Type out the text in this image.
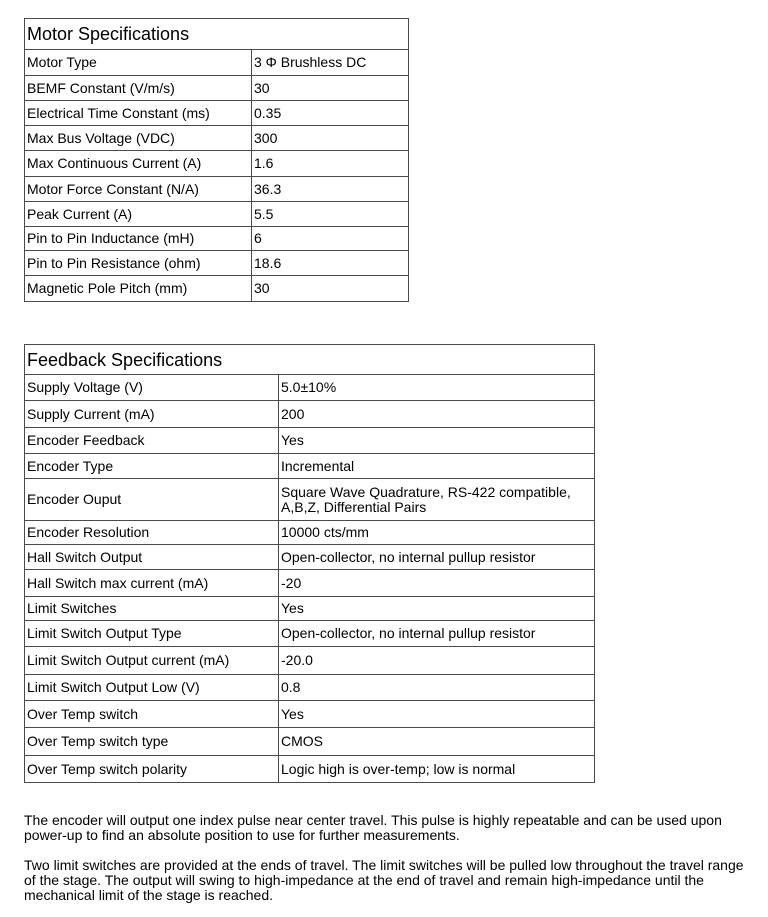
Motor Specifications	
Motor Type	3 Φ Brushless DC
BEMF Constant (V/m/s)	30
Electrical Time Constant (ms)	0.35
Max Bus Voltage (VDC)	300
Max Continuous Current (A)	1.6
Motor Force Constant (N/A)	36.3
Peak Current (A)	5.5
Pin to Pin Inductance (mH)	6
Pin to Pin Resistance (ohm)	18.6
Magnetic Pole Pitch (mm)	30
Feedback Specifications	
Supply Voltage (V)	5.0±10%
Supply Current (mA)	200
Encoder Feedback	Yes
Encoder Type	Incremental
Encoder Ouput	Square Wave Quadrature, RS-422 compatible, A,B,Z, Differential Pairs
Encoder Resolution	10000 cts/mm
Hall Switch Output	Open-collector, no internal pullup resistor
Hall Switch max current (mA)	-20
Limit Switches	Yes
Limit Switch Output Type	Open-collector, no internal pullup resistor
Limit Switch Output current (mA)	-20.0
Limit Switch Output Low (V)	0.8
Over Temp switch	Yes
Over Temp switch type	CMOS
Over Temp switch polarity	Logic high is over-temp; low is normal

The encoder will output one index pulse near center travel. This pulse is highly repeatable and can be used upon power-up to find an absolute position to use for further measurements.

Two limit switches are provided at the ends of travel. The limit switches will be pulled low throughout the travel range of the stage. The output will swing to high-impedance at the end of travel and remain high-impedance until the mechanical limit of the stage is reached.
